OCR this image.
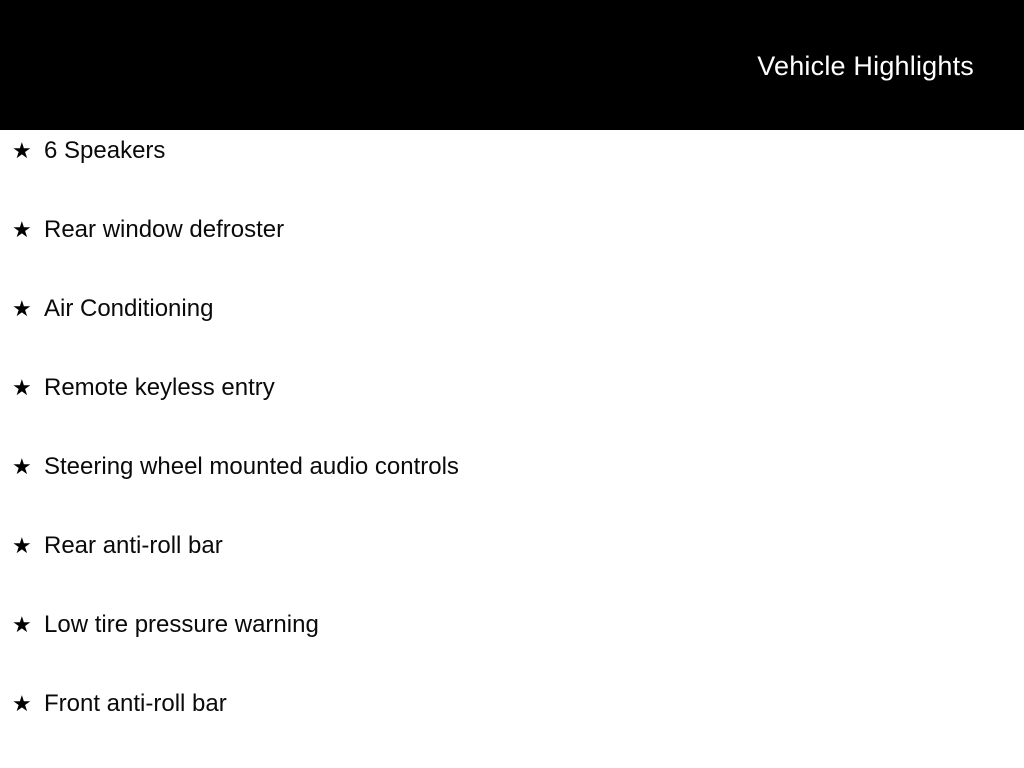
Vehicle Highlights
★ 6 Speakers
★ Rear window defroster
★ Air Conditioning
★ Remote keyless entry
★ Steering wheel mounted audio controls
★ Rear anti-roll bar
★ Low tire pressure warning
★ Front anti-roll bar
